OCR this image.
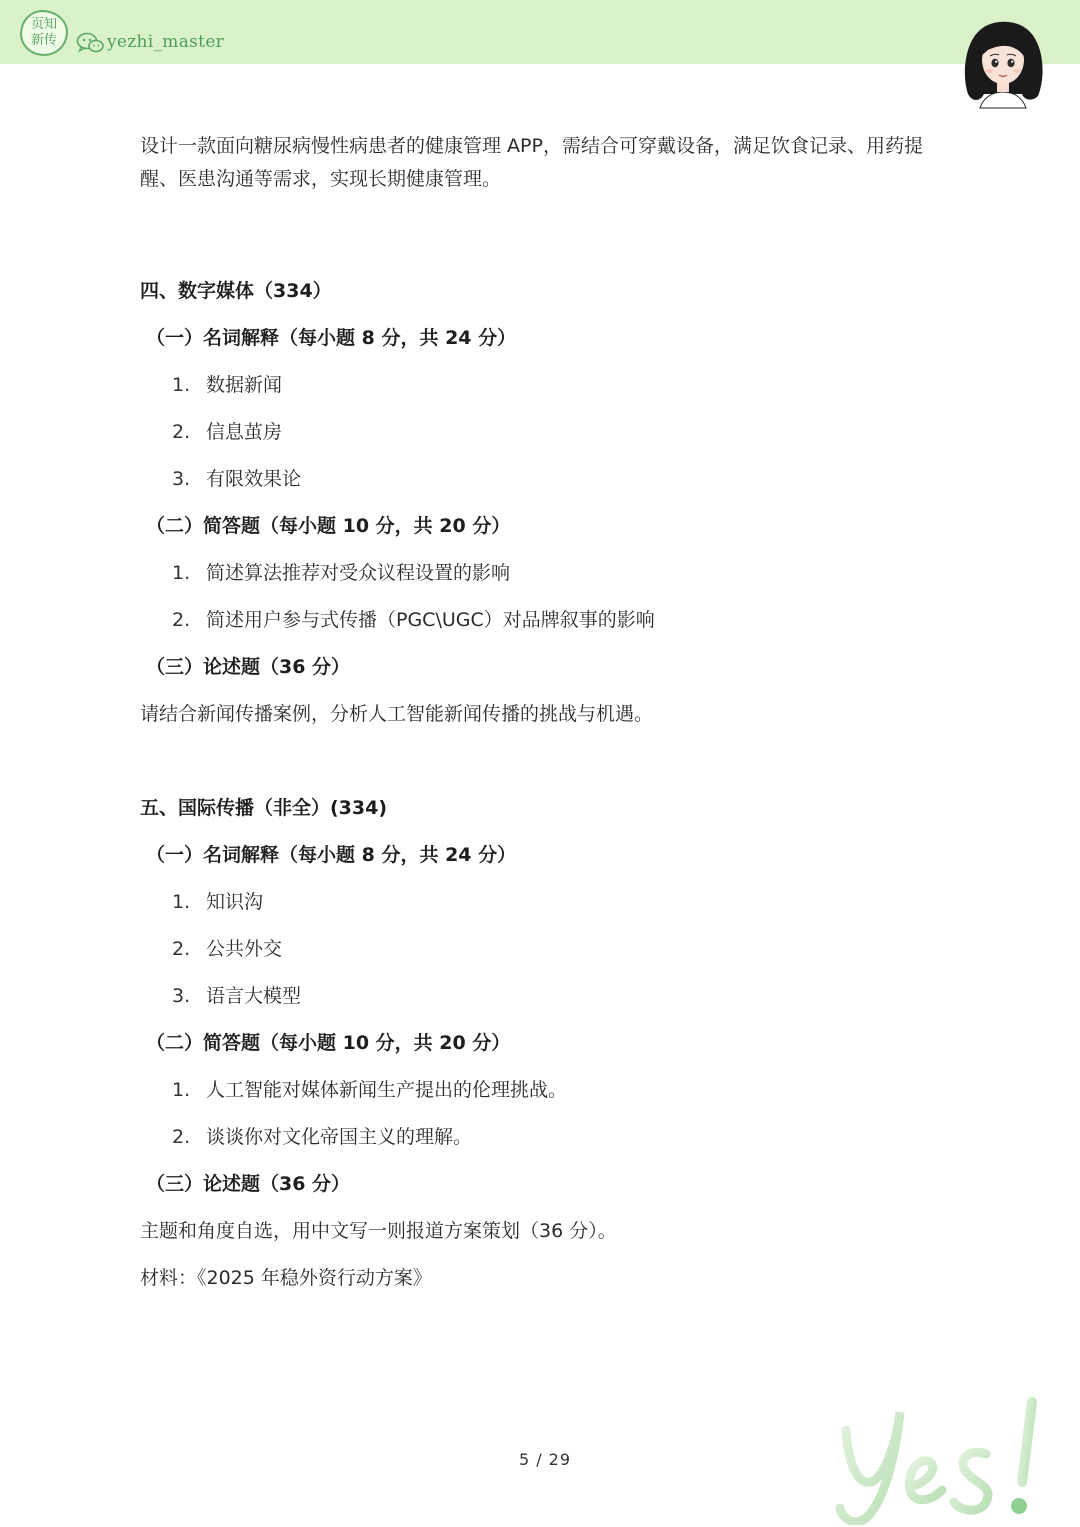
页知
新传	yezhi_master

设计一款面向糖尿病慢性病患者的健康管理 APP，需结合可穿戴设备，满足饮食记录、用药提醒、医患沟通等需求，实现长期健康管理。

四、数字媒体（334）

（一）名词解释（每小题 8 分，共 24 分）

1. 数据新闻
2. 信息茧房
3. 有限效果论

（二）简答题（每小题 10 分，共 20 分）

1. 简述算法推荐对受众议程设置的影响
2. 简述用户参与式传播（PGC\UGC）对品牌叙事的影响

（三）论述题（36 分）

请结合新闻传播案例，分析人工智能新闻传播的挑战与机遇。

五、国际传播（非全）(334)

（一）名词解释（每小题 8 分，共 24 分）

1. 知识沟
2. 公共外交
3. 语言大模型

（二）简答题（每小题 10 分，共 20 分）

1. 人工智能对媒体新闻生产提出的伦理挑战。
2. 谈谈你对文化帝国主义的理解。

（三）论述题（36 分）

主题和角度自选，用中文写一则报道方案策划（36 分）。

材料：《2025 年稳外资行动方案》

5 / 29
